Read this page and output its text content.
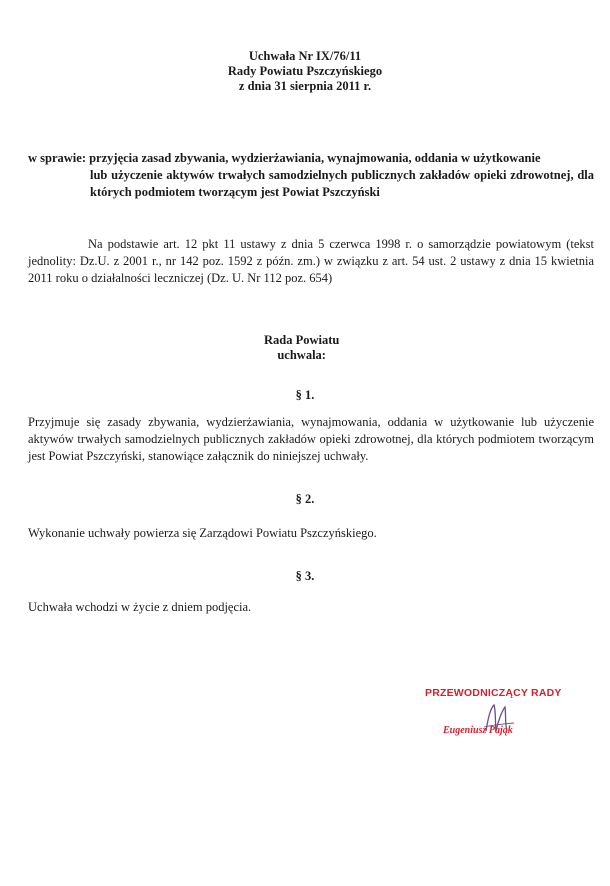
Uchwała Nr IX/76/11
Rady Powiatu Pszczyńskiego
z dnia 31 sierpnia 2011 r.
w sprawie: przyjęcia zasad zbywania, wydzierżawiania, wynajmowania, oddania w użytkowanie
lub użyczenie aktywów trwałych samodzielnych publicznych zakładów opieki zdrowotnej, dla których podmiotem tworzącym jest Powiat Pszczyński
Na podstawie art. 12 pkt 11 ustawy z dnia 5 czerwca 1998 r. o samorządzie powiatowym (tekst jednolity: Dz.U. z 2001 r., nr 142 poz. 1592 z późn. zm.) w związku z art. 54 ust. 2 ustawy z dnia 15 kwietnia 2011 roku o działalności leczniczej (Dz. U. Nr 112 poz. 654)
Rada Powiatu
uchwala:
§ 1.
Przyjmuje się zasady zbywania, wydzierżawiania, wynajmowania, oddania w użytkowanie lub użyczenie aktywów trwałych samodzielnych publicznych zakładów opieki zdrowotnej, dla których podmiotem tworzącym jest Powiat Pszczyński, stanowiące załącznik do niniejszej uchwały.
§ 2.
Wykonanie uchwały powierza się Zarządowi Powiatu Pszczyńskiego.
§ 3.
Uchwała wchodzi w życie z dniem podjęcia.
PRZEWODNICZĄCY RADY
Eugeniusz Pająk
